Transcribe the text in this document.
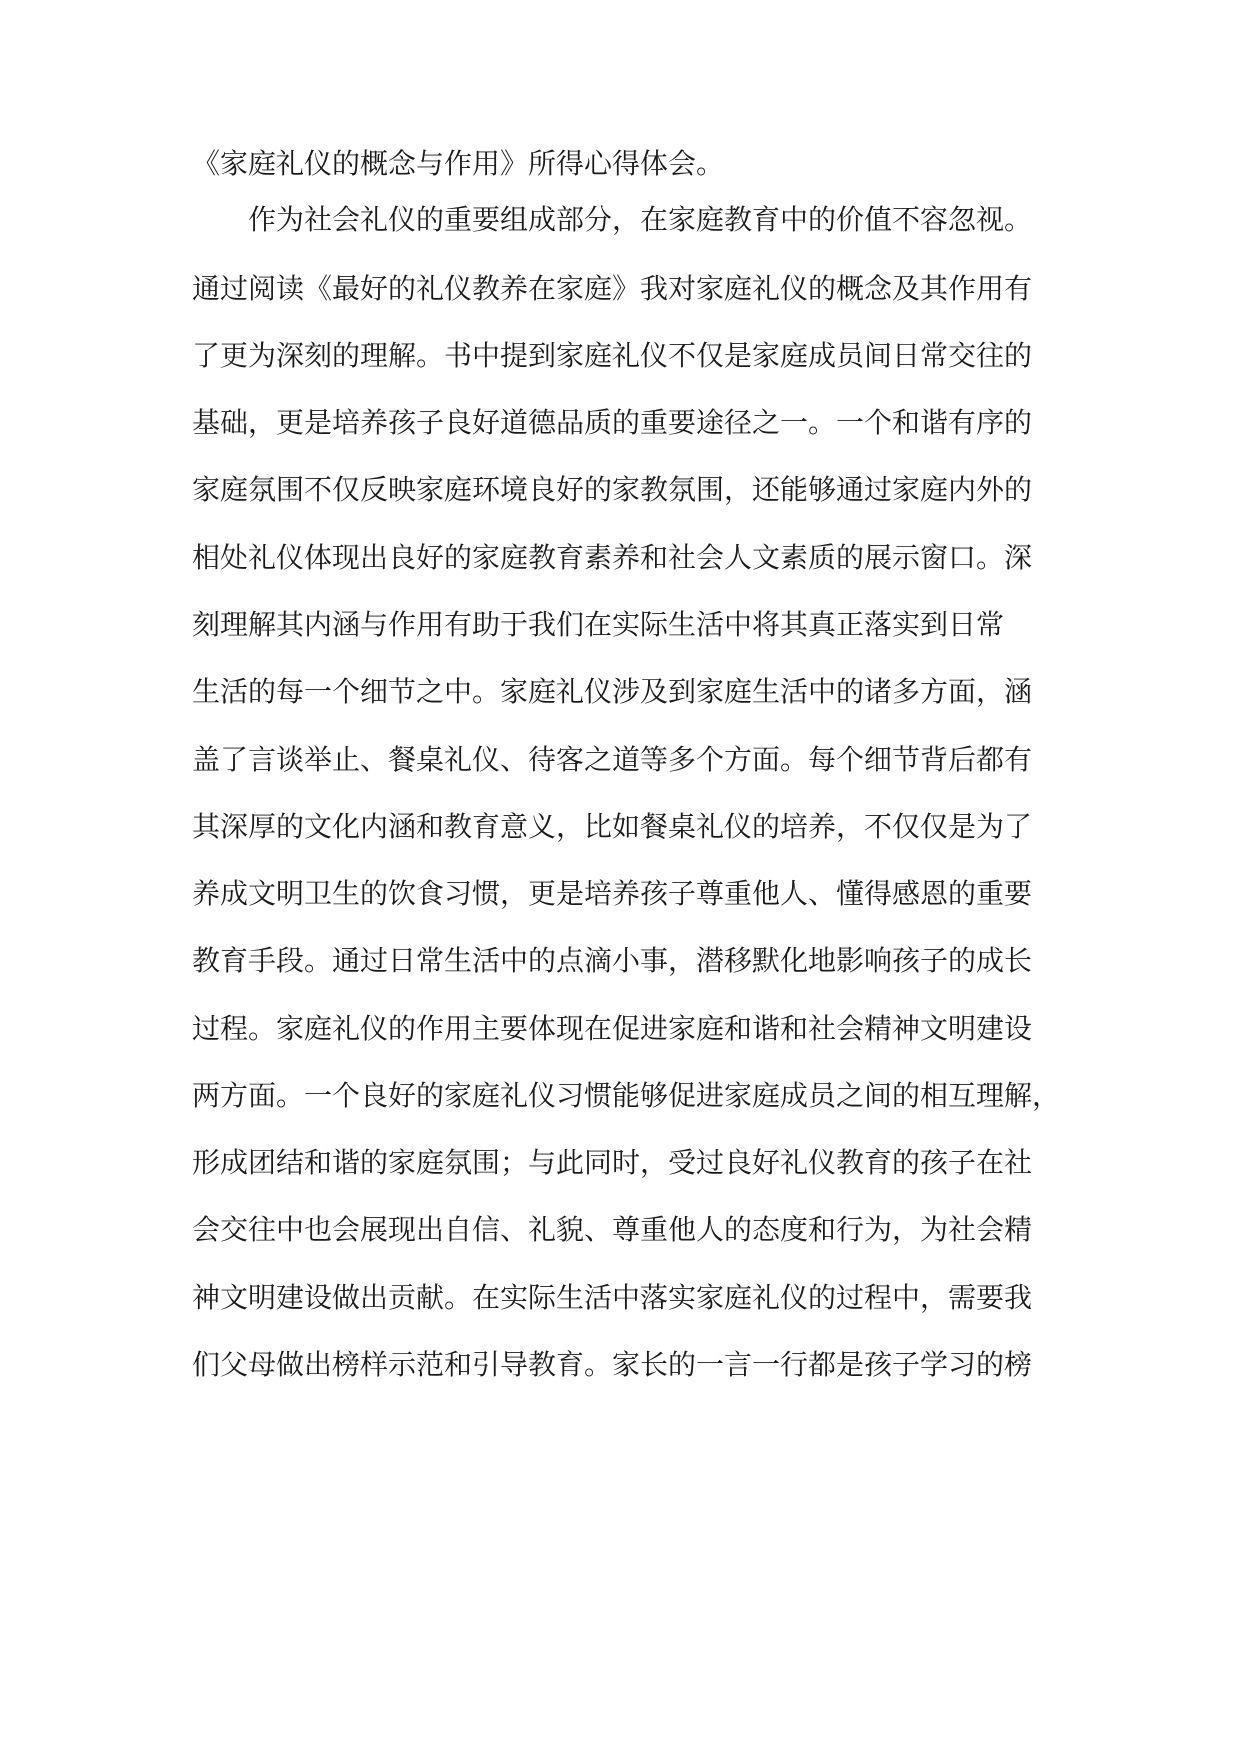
《家庭礼仪的概念与作用》所得心得体会。
作为社会礼仪的重要组成部分，在家庭教育中的价值不容忽视。
通过阅读《最好的礼仪教养在家庭》我对家庭礼仪的概念及其作用有
了更为深刻的理解。书中提到家庭礼仪不仅是家庭成员间日常交往的
基础，更是培养孩子良好道德品质的重要途径之一。一个和谐有序的
家庭氛围不仅反映家庭环境良好的家教氛围，还能够通过家庭内外的
相处礼仪体现出良好的家庭教育素养和社会人文素质的展示窗口。深
刻理解其内涵与作用有助于我们在实际生活中将其真正落实到日常
生活的每一个细节之中。家庭礼仪涉及到家庭生活中的诸多方面，涵
盖了言谈举止、餐桌礼仪、待客之道等多个方面。每个细节背后都有
其深厚的文化内涵和教育意义，比如餐桌礼仪的培养，不仅仅是为了
养成文明卫生的饮食习惯，更是培养孩子尊重他人、懂得感恩的重要
教育手段。通过日常生活中的点滴小事，潜移默化地影响孩子的成长
过程。家庭礼仪的作用主要体现在促进家庭和谐和社会精神文明建设
两方面。一个良好的家庭礼仪习惯能够促进家庭成员之间的相互理解，
形成团结和谐的家庭氛围；与此同时，受过良好礼仪教育的孩子在社
会交往中也会展现出自信、礼貌、尊重他人的态度和行为，为社会精
神文明建设做出贡献。在实际生活中落实家庭礼仪的过程中，需要我
们父母做出榜样示范和引导教育。家长的一言一行都是孩子学习的榜
